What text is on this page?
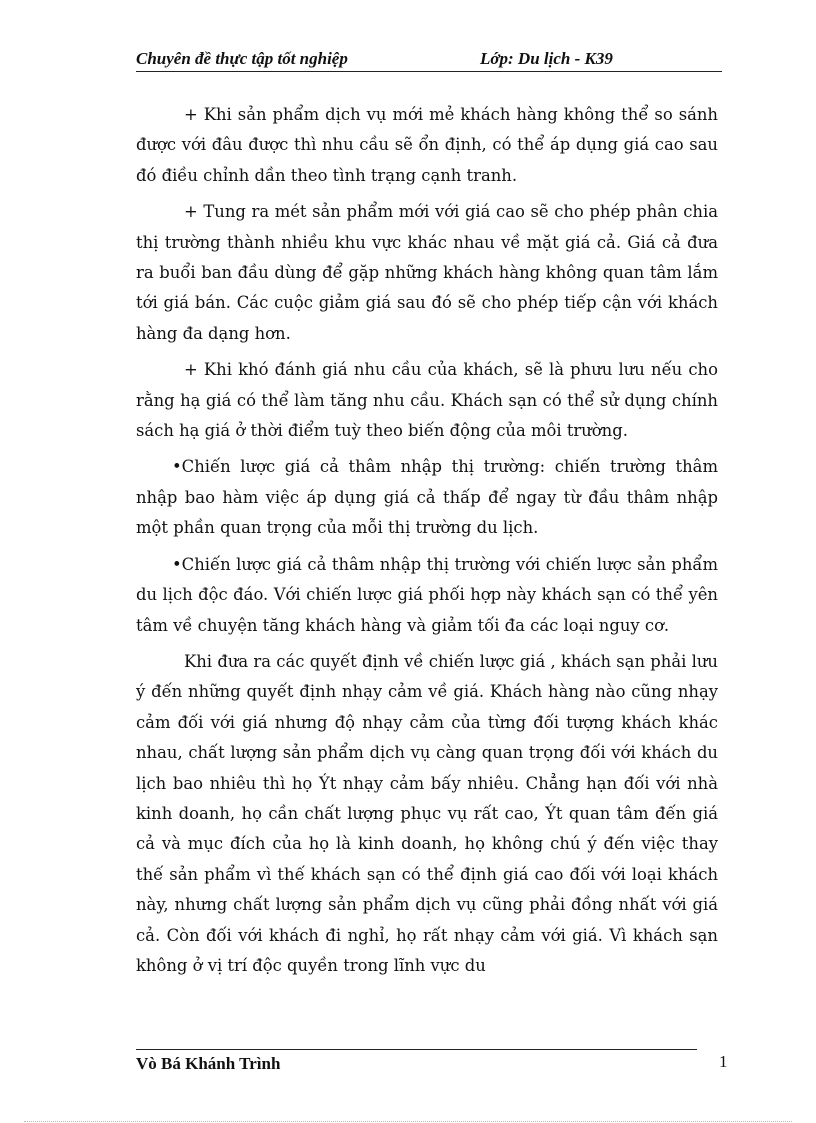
Chuyên đề thực tập tốt nghiệp	Lớp: Du lịch - K39

+ Khi sản phẩm dịch vụ mới mẻ khách hàng không thể so sánh được với đâu được thì nhu cầu sẽ ổn định, có thể áp dụng giá cao sau đó điều chỉnh dần theo tình trạng cạnh tranh.

+ Tung ra mét sản phẩm mới với giá cao sẽ cho phép phân chia thị trường thành nhiều khu vực khác nhau về mặt giá cả. Giá cả đưa ra buổi ban đầu dùng để gặp những khách hàng không quan tâm lắm tới giá bán. Các cuộc giảm giá sau đó sẽ cho phép tiếp cận với khách hàng đa dạng hơn.

+ Khi khó đánh giá nhu cầu của khách, sẽ là phưu lưu nếu cho rằng hạ giá có thể làm tăng nhu cầu. Khách sạn có thể sử dụng chính sách hạ giá ở thời điểm tuỳ theo biến động của môi trường.

•Chiến lược giá cả thâm nhập thị trường: chiến trường thâm nhập bao hàm việc áp dụng giá cả thấp để ngay từ đầu thâm nhập một phần quan trọng của mỗi thị trường du lịch.

•Chiến lược giá cả thâm nhập thị trường với chiến lược sản phẩm du lịch độc đáo. Với chiến lược giá phối hợp này khách sạn có thể yên tâm về chuyện tăng khách hàng và giảm tối đa các loại nguy cơ.

Khi đưa ra các quyết định về chiến lược giá , khách sạn phải lưu ý đến những quyết định nhạy cảm về giá. Khách hàng nào cũng nhạy cảm đối với giá nhưng độ nhạy cảm của từng đối tượng khách khác nhau, chất lượng sản phẩm dịch vụ càng quan trọng đối với khách du lịch bao nhiêu thì họ Ýt nhạy cảm bấy nhiêu. Chẳng hạn đối với nhà kinh doanh, họ cần chất lượng phục vụ rất cao, Ýt quan tâm đến giá cả và mục đích của họ là kinh doanh, họ không chú ý đến việc thay thế sản phẩm vì thế khách sạn có thể định giá cao đối với loại khách này, nhưng chất lượng sản phẩm dịch vụ cũng phải đồng nhất với giá cả. Còn đối với khách đi nghỉ, họ rất nhạy cảm với giá. Vì khách sạn không ở vị trí độc quyền trong lĩnh vực du

Vò Bá Khánh Trình	1
